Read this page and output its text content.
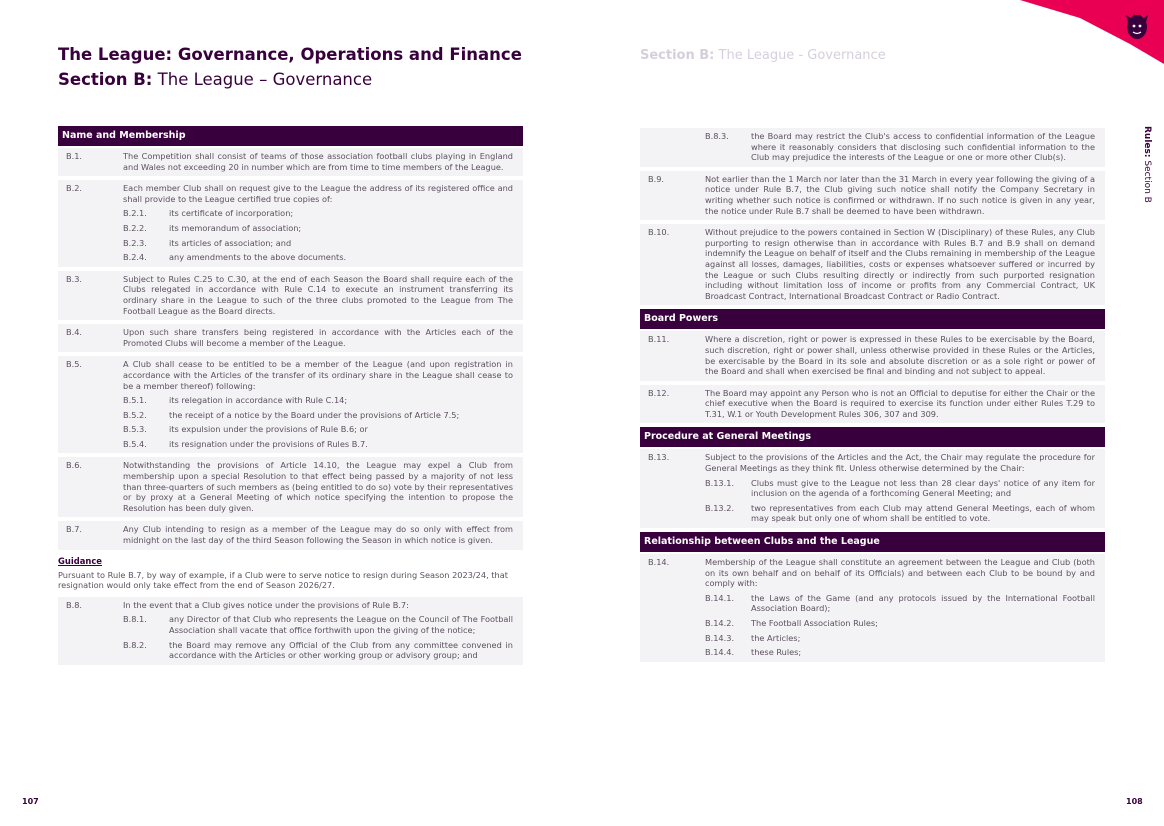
The League: Governance, Operations and Finance
Section B: The League – Governance
Section B: The League - Governance
Rules: Section B
107	108
Name and Membership
B.1.	The Competition shall consist of teams of those association football clubs playing in England and Wales not exceeding 20 in number which are from time to time members of the League.
B.2.	Each member Club shall on request give to the League the address of its registered office and shall provide to the League certified true copies of:
B.2.1.	its certificate of incorporation;
B.2.2.	its memorandum of association;
B.2.3.	its articles of association; and
B.2.4.	any amendments to the above documents.
B.3.	Subject to Rules C.25 to C.30, at the end of each Season the Board shall require each of the Clubs relegated in accordance with Rule C.14 to execute an instrument transferring its ordinary share in the League to such of the three clubs promoted to the League from The Football League as the Board directs.
B.4.	Upon such share transfers being registered in accordance with the Articles each of the Promoted Clubs will become a member of the League.
B.5.	A Club shall cease to be entitled to be a member of the League (and upon registration in accordance with the Articles of the transfer of its ordinary share in the League shall cease to be a member thereof) following:
B.5.1.	its relegation in accordance with Rule C.14;
B.5.2.	the receipt of a notice by the Board under the provisions of Article 7.5;
B.5.3.	its expulsion under the provisions of Rule B.6; or
B.5.4.	its resignation under the provisions of Rules B.7.
B.6.	Notwithstanding the provisions of Article 14.10, the League may expel a Club from membership upon a special Resolution to that effect being passed by a majority of not less than three-quarters of such members as (being entitled to do so) vote by their representatives or by proxy at a General Meeting of which notice specifying the intention to propose the Resolution has been duly given.
B.7.	Any Club intending to resign as a member of the League may do so only with effect from midnight on the last day of the third Season following the Season in which notice is given.
Guidance
Pursuant to Rule B.7, by way of example, if a Club were to serve notice to resign during Season 2023/24, that resignation would only take effect from the end of Season 2026/27.
B.8.	In the event that a Club gives notice under the provisions of Rule B.7:
B.8.1.	any Director of that Club who represents the League on the Council of The Football Association shall vacate that office forthwith upon the giving of the notice;
B.8.2.	the Board may remove any Official of the Club from any committee convened in accordance with the Articles or other working group or advisory group; and
B.8.3.	the Board may restrict the Club's access to confidential information of the League where it reasonably considers that disclosing such confidential information to the Club may prejudice the interests of the League or one or more other Club(s).
B.9.	Not earlier than the 1 March nor later than the 31 March in every year following the giving of a notice under Rule B.7, the Club giving such notice shall notify the Company Secretary in writing whether such notice is confirmed or withdrawn. If no such notice is given in any year, the notice under Rule B.7 shall be deemed to have been withdrawn.
B.10.	Without prejudice to the powers contained in Section W (Disciplinary) of these Rules, any Club purporting to resign otherwise than in accordance with Rules B.7 and B.9 shall on demand indemnify the League on behalf of itself and the Clubs remaining in membership of the League against all losses, damages, liabilities, costs or expenses whatsoever suffered or incurred by the League or such Clubs resulting directly or indirectly from such purported resignation including without limitation loss of income or profits from any Commercial Contract, UK Broadcast Contract, International Broadcast Contract or Radio Contract.
Board Powers
B.11.	Where a discretion, right or power is expressed in these Rules to be exercisable by the Board, such discretion, right or power shall, unless otherwise provided in these Rules or the Articles, be exercisable by the Board in its sole and absolute discretion or as a sole right or power of the Board and shall when exercised be final and binding and not subject to appeal.
B.12.	The Board may appoint any Person who is not an Official to deputise for either the Chair or the chief executive when the Board is required to exercise its function under either Rules T.29 to T.31, W.1 or Youth Development Rules 306, 307 and 309.
Procedure at General Meetings
B.13.	Subject to the provisions of the Articles and the Act, the Chair may regulate the procedure for General Meetings as they think fit. Unless otherwise determined by the Chair:
B.13.1.	Clubs must give to the League not less than 28 clear days' notice of any item for inclusion on the agenda of a forthcoming General Meeting; and
B.13.2.	two representatives from each Club may attend General Meetings, each of whom may speak but only one of whom shall be entitled to vote.
Relationship between Clubs and the League
B.14.	Membership of the League shall constitute an agreement between the League and Club (both on its own behalf and on behalf of its Officials) and between each Club to be bound by and comply with:
B.14.1.	the Laws of the Game (and any protocols issued by the International Football Association Board);
B.14.2.	The Football Association Rules;
B.14.3.	the Articles;
B.14.4.	these Rules;
